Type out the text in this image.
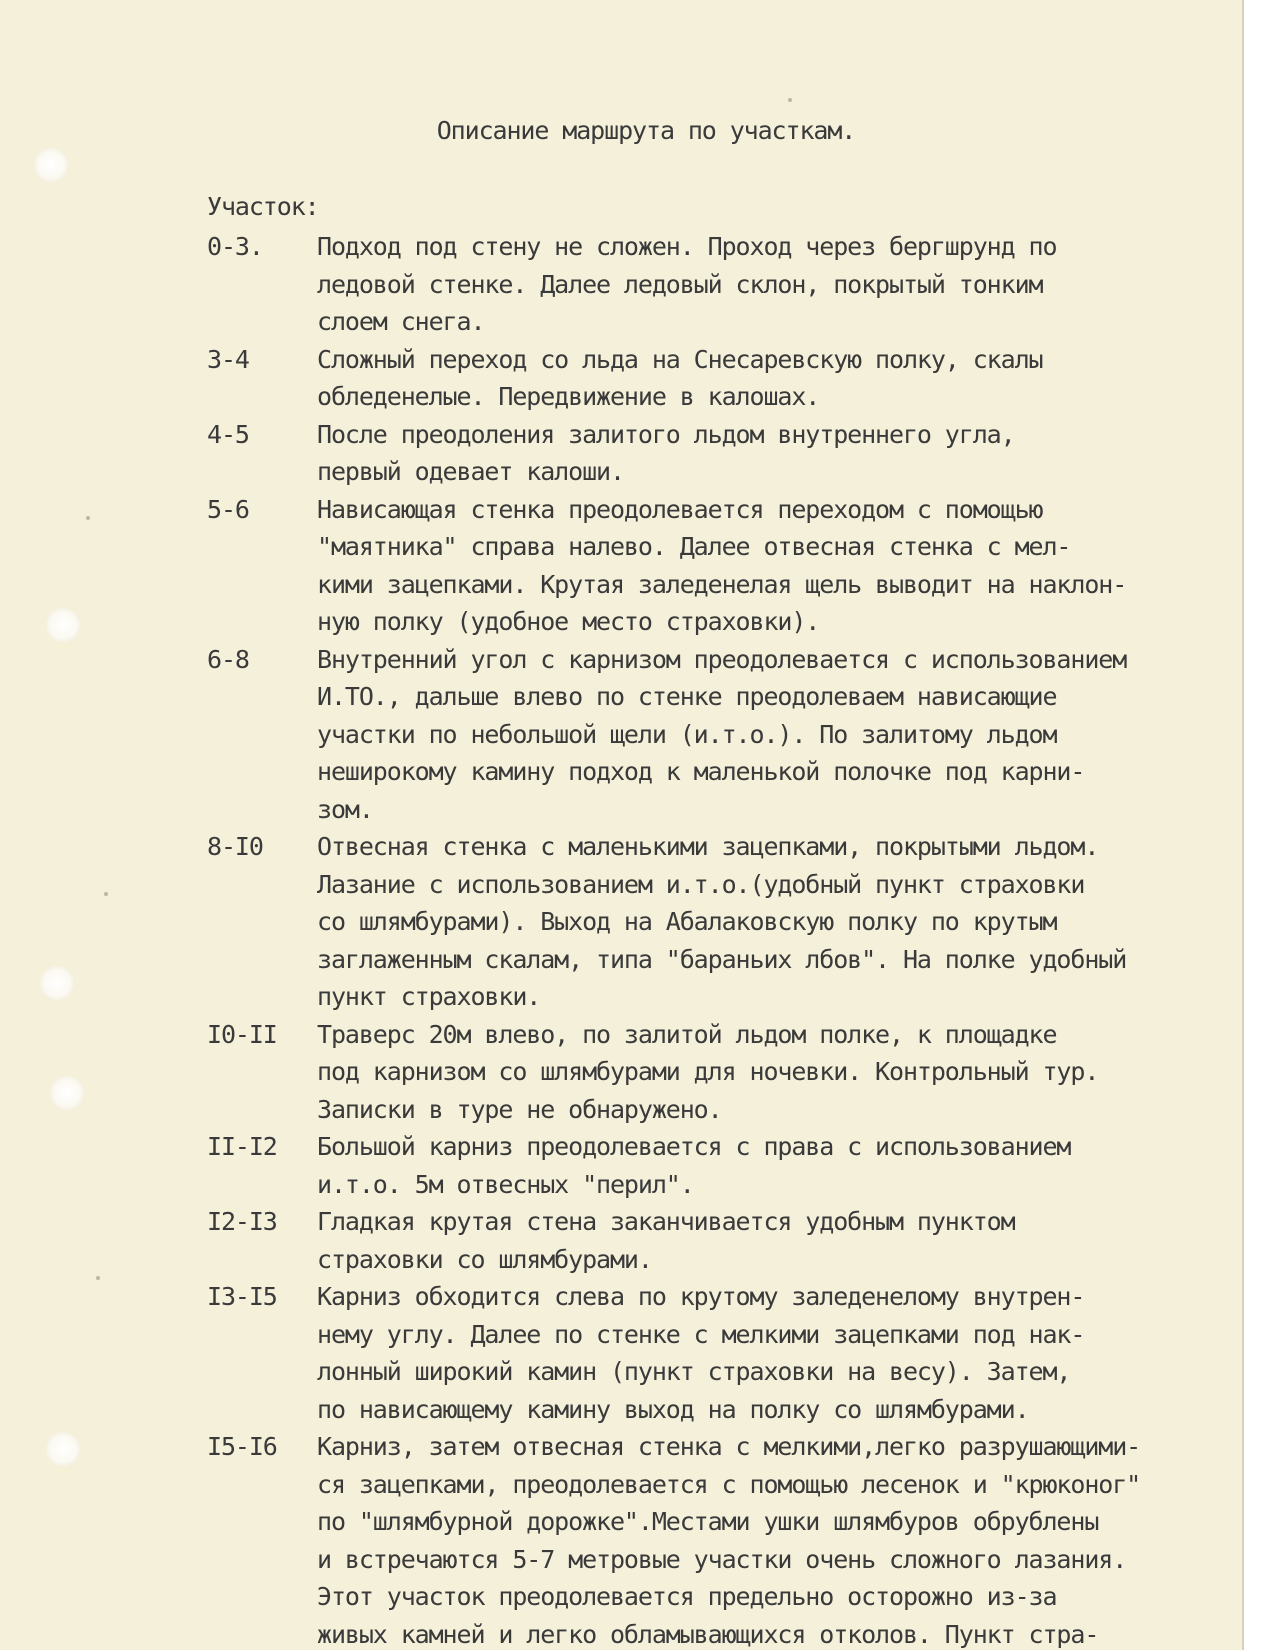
Описание маршрута по участкам.
Участок:
0-3.	Подход под стену не сложен. Проход через бергшрунд по
ледовой стенке. Далее ледовый склон, покрытый тонким
слоем снега.
3-4	Сложный переход со льда на Снесаревскую полку, скалы
обледенелые. Передвижение в калошах.
4-5	После преодоления залитого льдом внутреннего угла,
первый одевает калоши.
5-6	Нависающая стенка преодолевается переходом с помощью
"маятника" справа налево. Далее отвесная стенка с мел-
кими зацепками. Крутая заледенелая щель выводит на наклон-
ную полку (удобное место страховки).
6-8	Внутренний угол с карнизом преодолевается с использованием
И.ТО., дальше влево по стенке преодолеваем нависающие
участки по небольшой щели (и.т.о.). По залитому льдом
неширокому камину подход к маленькой полочке под карни-
зом.
8-I0	Отвесная стенка с маленькими зацепками, покрытыми льдом.
Лазание с использованием и.т.о.(удобный пункт страховки
со шлямбурами). Выход на Абалаковскую полку по крутым
заглаженным скалам, типа "бараньих лбов". На полке удобный
пункт страховки.
I0-II	Траверс 20м влево, по залитой льдом полке, к площадке
под карнизом со шлямбурами для ночевки. Контрольный тур.
Записки в туре не обнаружено.
II-I2	Большой карниз преодолевается с права с использованием
и.т.о. 5м отвесных "перил".
I2-I3	Гладкая крутая стена заканчивается удобным пунктом
страховки со шлямбурами.
I3-I5	Карниз обходится слева по крутому заледенелому внутрен-
нему углу. Далее по стенке с мелкими зацепками под нак-
лонный широкий камин (пункт страховки на весу). Затем,
по нависающему камину выход на полку со шлямбурами.
I5-I6	Карниз, затем отвесная стенка с мелкими,легко разрушающими-
ся зацепками, преодолевается с помощью лесенок и "крюконог"
по "шлямбурной дорожке".Местами ушки шлямбуров обрублены
и встречаются 5-7 метровые участки очень сложного лазания.
Этот участок преодолевается предельно осторожно из-за
живых камней и легко обламывающихся отколов. Пункт стра-
